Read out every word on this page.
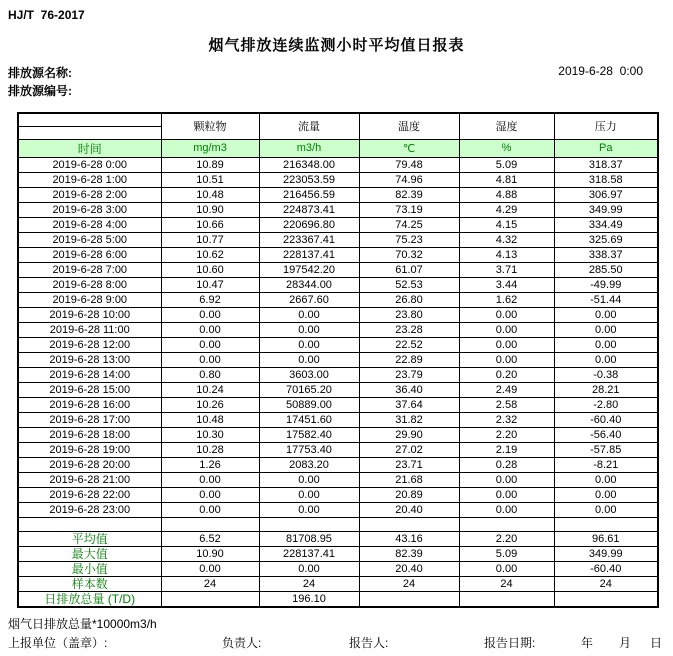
HJ/T  76-2017
烟气排放连续监测小时平均值日报表
排放源名称:
排放源编号:
2019-6-28  0:00
	颗粒物	流量	温度	湿度	压力

时间	mg/m3	m3/h	℃	%	Pa
2019-6-28 0:00	10.89	216348.00	79.48	5.09	318.37
2019-6-28 1:00	10.51	223053.59	74.96	4.81	318.58
2019-6-28 2:00	10.48	216456.59	82.39	4.88	306.97
2019-6-28 3:00	10.90	224873.41	73.19	4.29	349.99
2019-6-28 4:00	10.66	220696.80	74.25	4.15	334.49
2019-6-28 5:00	10.77	223367.41	75.23	4.32	325.69
2019-6-28 6:00	10.62	228137.41	70.32	4.13	338.37
2019-6-28 7:00	10.60	197542.20	61.07	3.71	285.50
2019-6-28 8:00	10.47	28344.00	52.53	3.44	-49.99
2019-6-28 9:00	6.92	2667.60	26.80	1.62	-51.44
2019-6-28 10:00	0.00	0.00	23.80	0.00	0.00
2019-6-28 11:00	0.00	0.00	23.28	0.00	0.00
2019-6-28 12:00	0.00	0.00	22.52	0.00	0.00
2019-6-28 13:00	0.00	0.00	22.89	0.00	0.00
2019-6-28 14:00	0.80	3603.00	23.79	0.20	-0.38
2019-6-28 15:00	10.24	70165.20	36.40	2.49	28.21
2019-6-28 16:00	10.26	50889.00	37.64	2.58	-2.80
2019-6-28 17:00	10.48	17451.60	31.82	2.32	-60.40
2019-6-28 18:00	10.30	17582.40	29.90	2.20	-56.40
2019-6-28 19:00	10.28	17753.40	27.02	2.19	-57.85
2019-6-28 20:00	1.26	2083.20	23.71	0.28	-8.21
2019-6-28 21:00	0.00	0.00	21.68	0.00	0.00
2019-6-28 22:00	0.00	0.00	20.89	0.00	0.00
2019-6-28 23:00	0.00	0.00	20.40	0.00	0.00

平均值	6.52	81708.95	43.16	2.20	96.61
最大值	10.90	228137.41	82.39	5.09	349.99
最小值	0.00	0.00	20.40	0.00	-60.40
样本数	24	24	24	24	24
日排放总量 (T/D)		196.10			
烟气日排放总量*10000m3/h
上报单位（盖章）:	负责人:	报告人:	报告日期:	年 月 日
